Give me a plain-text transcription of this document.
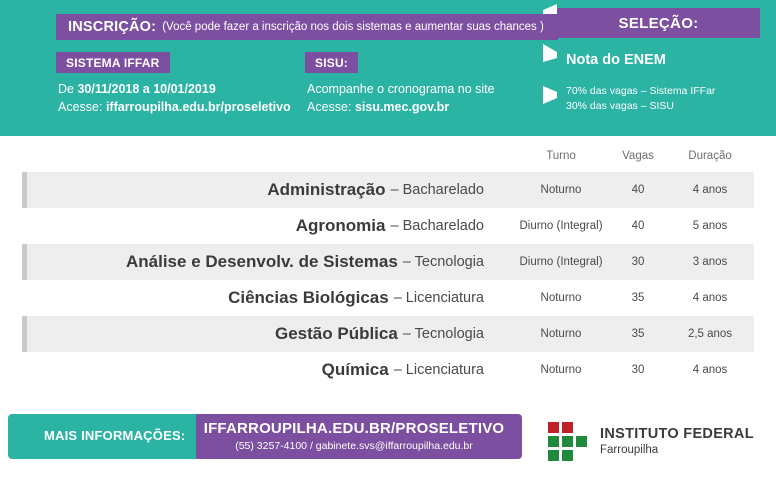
INSCRIÇÃO: (Você pode fazer a inscrição nos dois sistemas e aumentar suas chances )
SISTEMA IFFAR	SISU:
De 30/11/2018 a 10/01/2019
Acesse: iffarroupilha.edu.br/proseletivo
Acompanhe o cronograma no site
Acesse: sisu.mec.gov.br
SELEÇÃO:
Nota do ENEM
70% das vagas – Sistema IFFar
30% das vagas – SISU
Turno	Vagas	Duração
Administração – Bacharelado	Noturno	40	4 anos
Agronomia – Bacharelado	Diurno (Integral)	40	5 anos
Análise e Desenvolv. de Sistemas – Tecnologia	Diurno (Integral)	30	3 anos
Ciências Biológicas – Licenciatura	Noturno	35	4 anos
Gestão Pública – Tecnologia	Noturno	35	2,5 anos
Química – Licenciatura	Noturno	30	4 anos
MAIS INFORMAÇÕES:	IFFARROUPILHA.EDU.BR/PROSELETIVO
(55) 3257-4100 / gabinete.svs@iffarroupilha.edu.br
INSTITUTO FEDERAL
Farroupilha
